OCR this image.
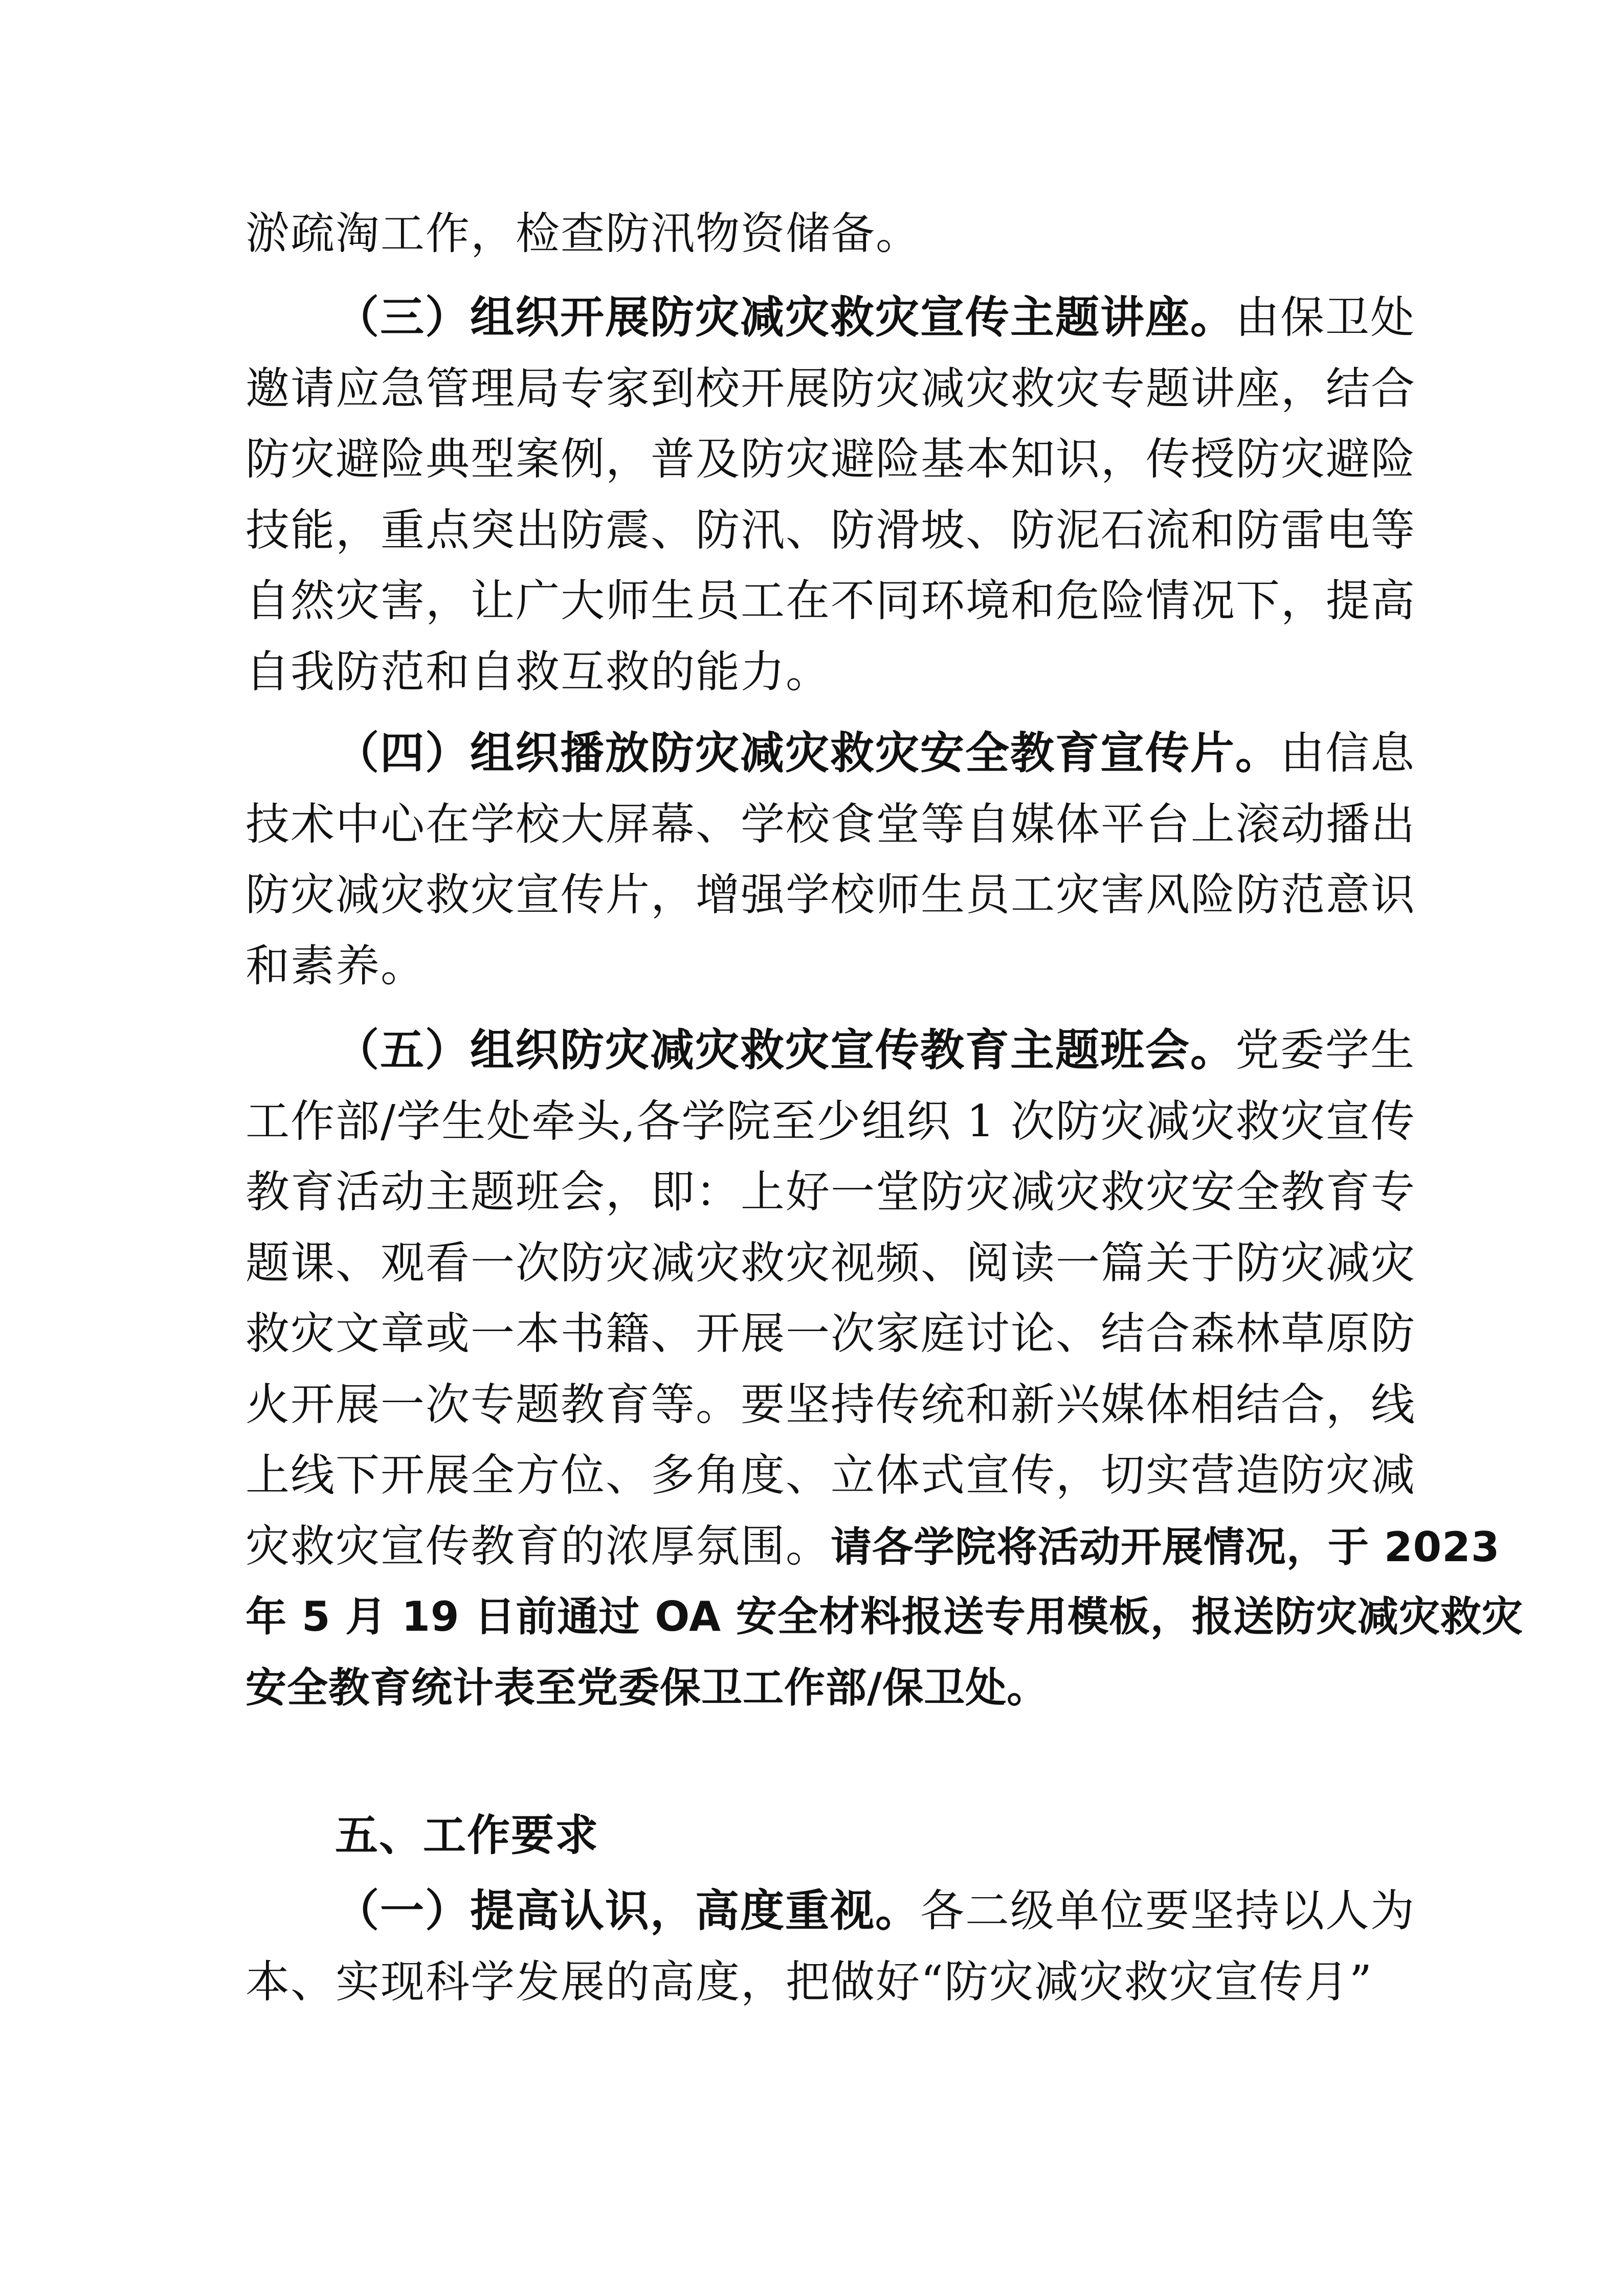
淤疏淘工作，检查防汛物资储备。
（三）组织开展防灾减灾救灾宣传主题讲座。由保卫处
邀请应急管理局专家到校开展防灾减灾救灾专题讲座，结合
防灾避险典型案例，普及防灾避险基本知识，传授防灾避险
技能，重点突出防震、防汛、防滑坡、防泥石流和防雷电等
自然灾害，让广大师生员工在不同环境和危险情况下，提高
自我防范和自救互救的能力。
（四）组织播放防灾减灾救灾安全教育宣传片。由信息
技术中心在学校大屏幕、学校食堂等自媒体平台上滚动播出
防灾减灾救灾宣传片，增强学校师生员工灾害风险防范意识
和素养。
（五）组织防灾减灾救灾宣传教育主题班会。党委学生
工作部/学生处牵头,各学院至少组织 1 次防灾减灾救灾宣传
教育活动主题班会，即：上好一堂防灾减灾救灾安全教育专
题课、观看一次防灾减灾救灾视频、阅读一篇关于防灾减灾
救灾文章或一本书籍、开展一次家庭讨论、结合森林草原防
火开展一次专题教育等。要坚持传统和新兴媒体相结合，线
上线下开展全方位、多角度、立体式宣传，切实营造防灾减
灾救灾宣传教育的浓厚氛围。请各学院将活动开展情况，于 2023
年 5 月 19 日前通过 OA 安全材料报送专用模板，报送防灾减灾救灾
安全教育统计表至党委保卫工作部/保卫处。
五、工作要求
（一）提高认识，高度重视。各二级单位要坚持以人为
本、实现科学发展的高度，把做好“防灾减灾救灾宣传月”
